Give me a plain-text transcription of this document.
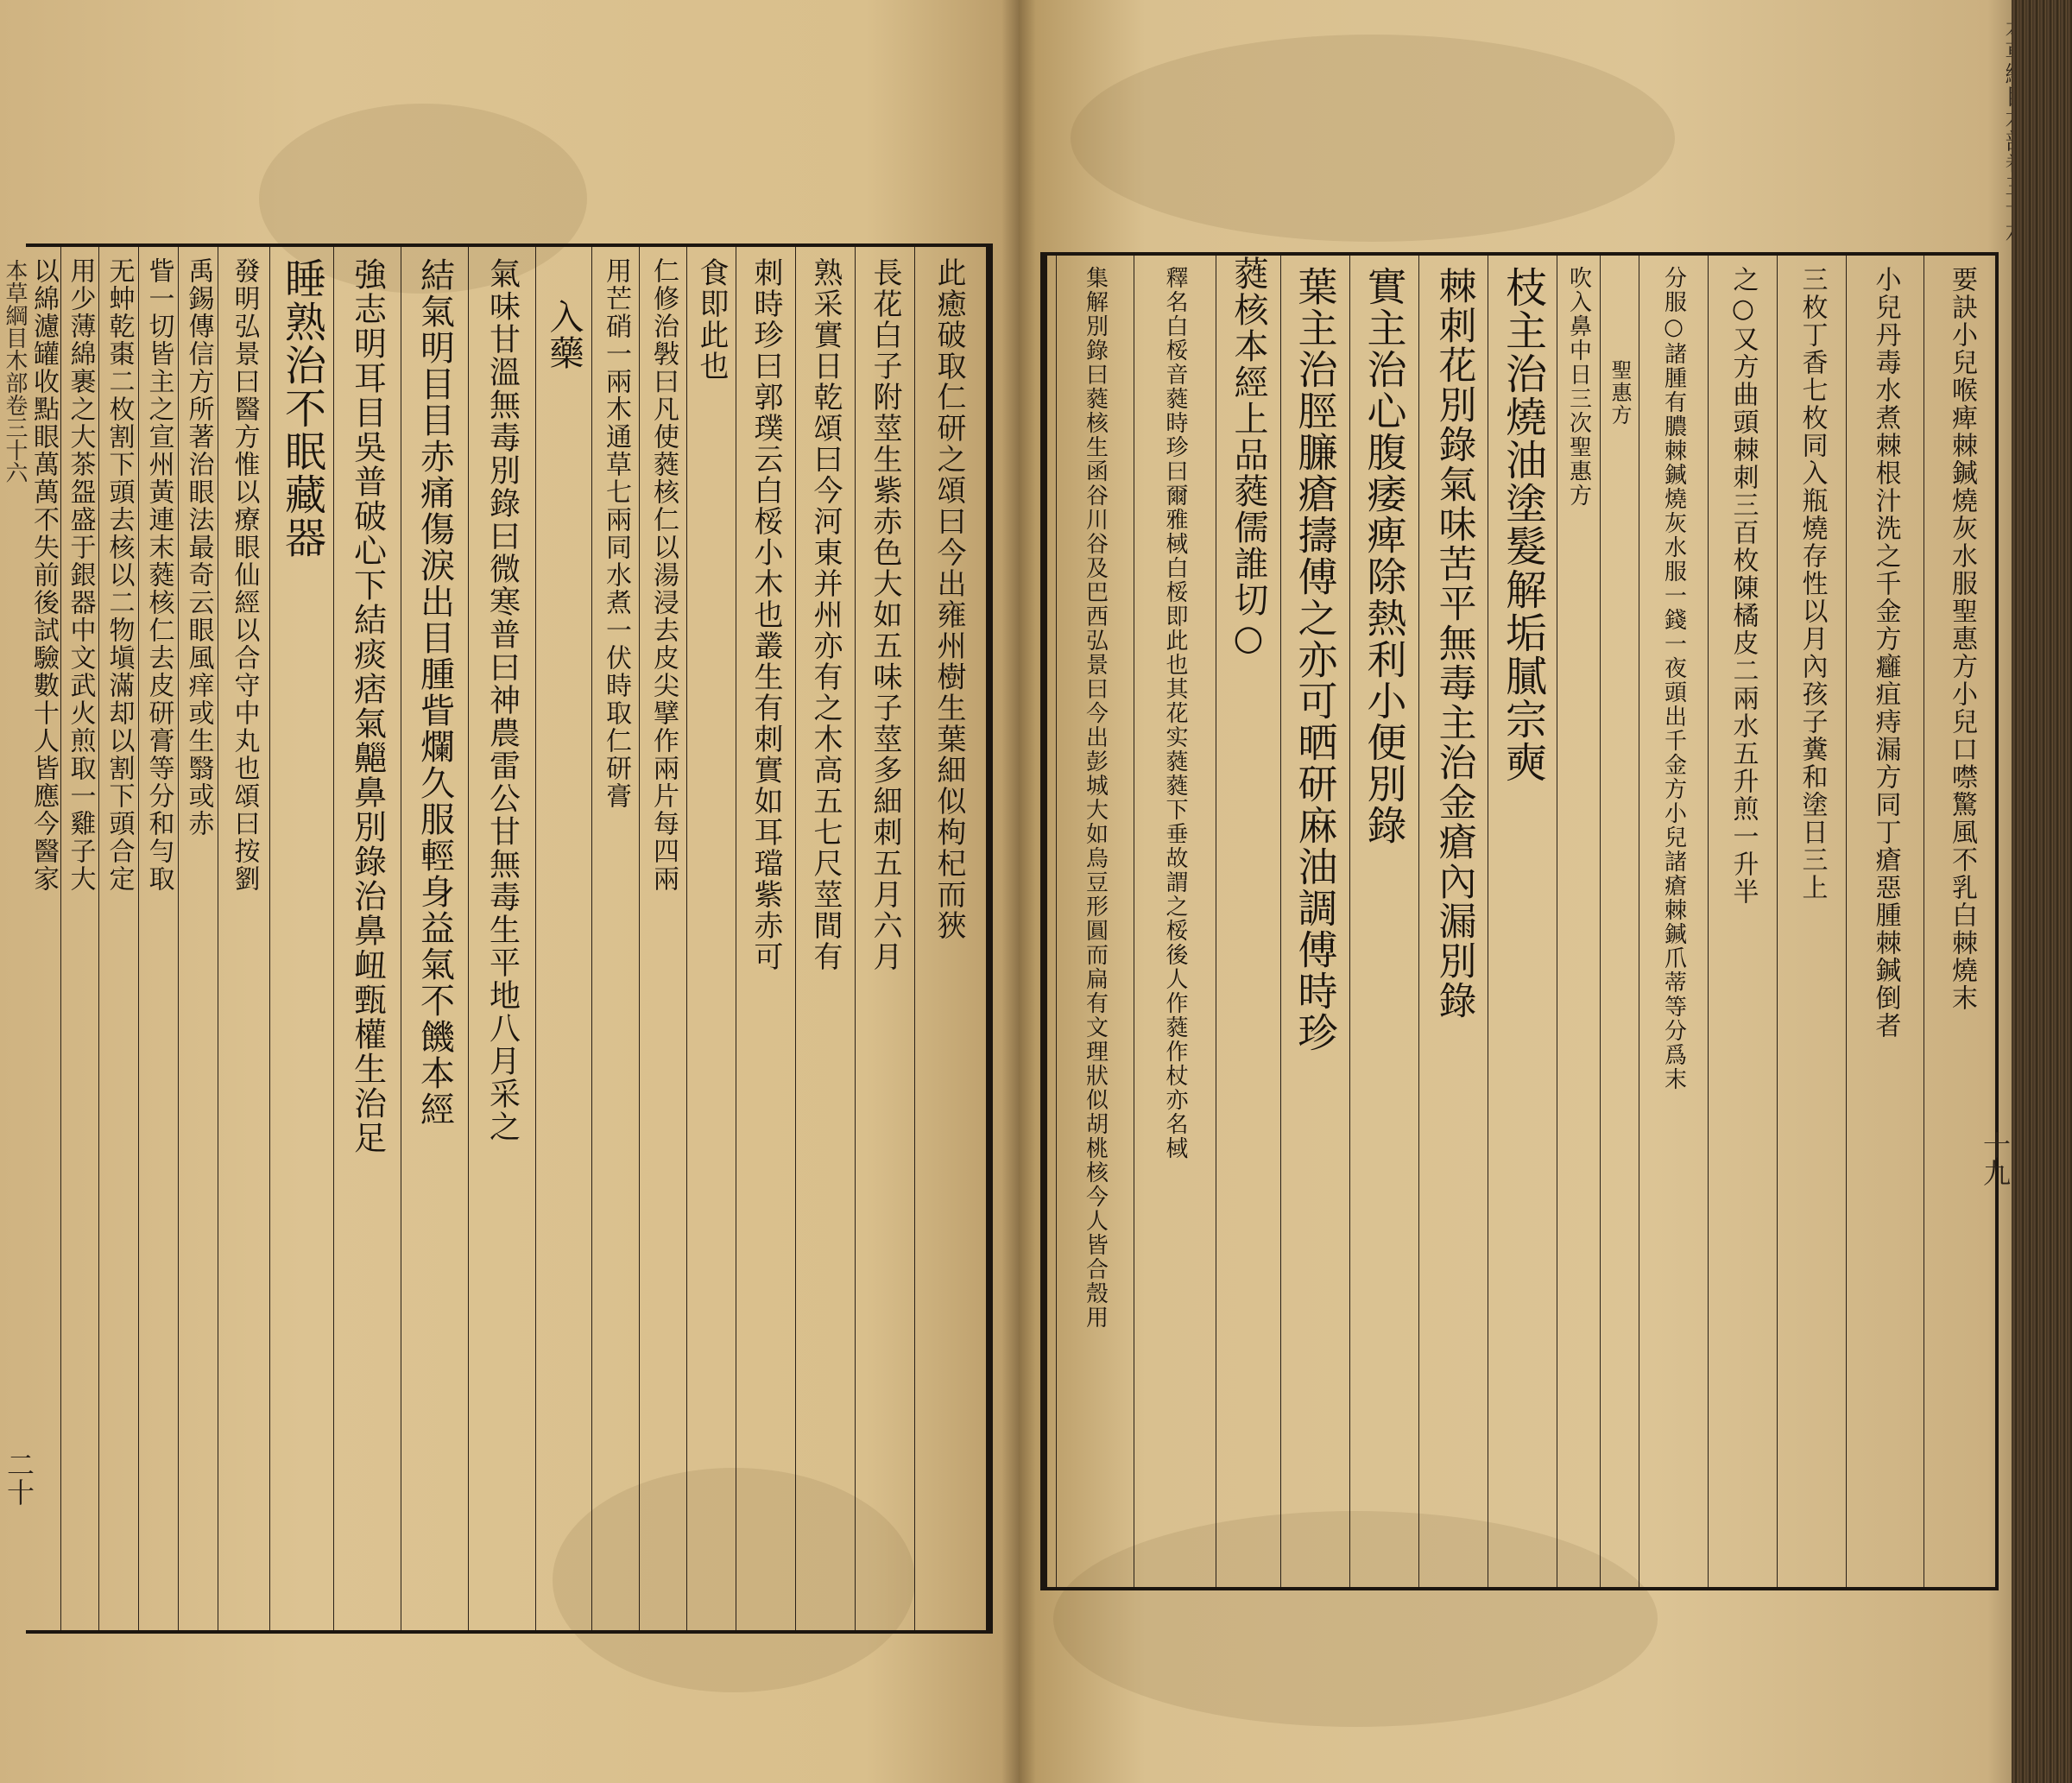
此癒破取仁研之頌曰今出雍州樹生葉細似枸杞而狹
長花白子附莖生紫赤色大如五味子莖多細刺五月六月
熟采實日乾頌曰今河東并州亦有之木高五七尺莖間有
刺時珍曰郭璞云白桵小木也叢生有刺實如耳璫紫赤可
食即此也
仁修治斅曰凡使蕤核仁以湯浸去皮尖擘作兩片每四兩
用芒硝一兩木通草七兩同水煮一伏時取仁研膏
入藥
氣味甘溫無毒別錄曰微寒普曰神農雷公甘無毒生平地八月采之
結氣明目目赤痛傷淚出目腫眥爛久服輕身益氣不饑本經
強志明耳目吳普破心下結痰痞氣齆鼻別錄治鼻衄甄權生治足
睡熟治不眠藏器
發明弘景曰醫方惟以療眼仙經以合守中丸也頌曰按劉
禹錫傳信方所著治眼法最奇云眼風痒或生翳或赤
眥一切皆主之宣州黃連末蕤核仁去皮研膏等分和勻取
无蚛乾棗二枚割下頭去核以二物塡滿却以割下頭合定
用少薄綿裹之大茶盌盛于銀器中文武火煎取一雞子大
以綿濾罐收點眼萬萬不失前後試驗數十人皆應今醫家
本草綱目木部卷三十六
二十
要訣小兒喉痺棘鍼燒灰水服聖惠方小兒口噤驚風不乳白棘燒末
小兒丹毒水煮棘根汁洗之千金方癰疽痔漏方同丁瘡惡腫棘鍼倒者
三枚丁香七枚同入瓶燒存性以月內孩子糞和塗日三上
之○又方曲頭棘刺三百枚陳橘皮二兩水五升煎一升半
分服○諸腫有膿棘鍼燒灰水服一錢一夜頭出千金方小兒諸瘡棘鍼爪蒂等分爲末
聖惠方
吹入鼻中日三次聖惠方
枝主治燒油塗髮解垢膩宗奭
棘刺花別錄氣味苦平無毒主治金瘡內漏別錄
實主治心腹痿痺除熱利小便別錄
葉主治脛臁瘡擣傅之亦可晒研麻油調傅時珍
蕤核本經上品蕤儒誰切○
釋名白桵音蕤時珍曰爾雅棫白桵即此也其花实蕤蕤下垂故謂之桵後人作蕤作杖亦名棫
集解別錄曰蕤核生函谷川谷及巴西弘景曰今出彭城大如烏豆形圓而扁有文理狀似胡桃核今人皆合殼用	十九
